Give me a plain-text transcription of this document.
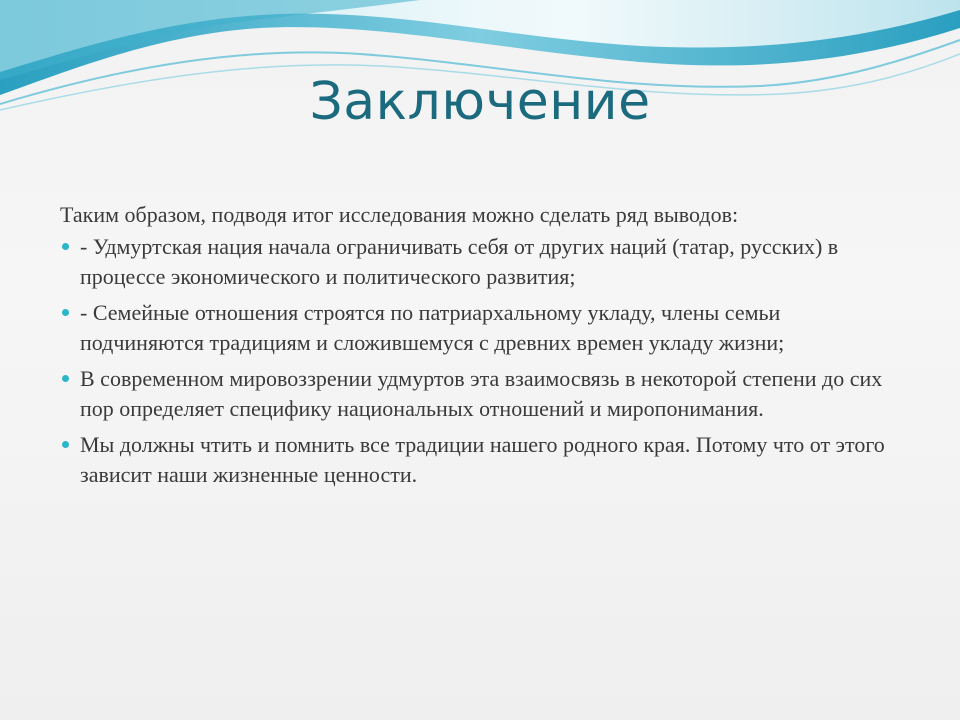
Заключение

Таким образом, подводя итог исследования можно сделать ряд выводов:

- Удмуртская нация начала ограничивать себя от других наций (татар, русских) в процессе экономического и политического развития;
- Семейные отношения строятся по патриархальному укладу, члены семьи подчиняются традициям и сложившемуся с древних времен укладу жизни;
В современном мировоззрении удмуртов эта взаимосвязь в некоторой степени до сих пор определяет специфику национальных отношений и миропонимания.
Мы должны чтить и помнить все традиции нашего родного края. Потому что от этого зависит наши жизненные ценности.
